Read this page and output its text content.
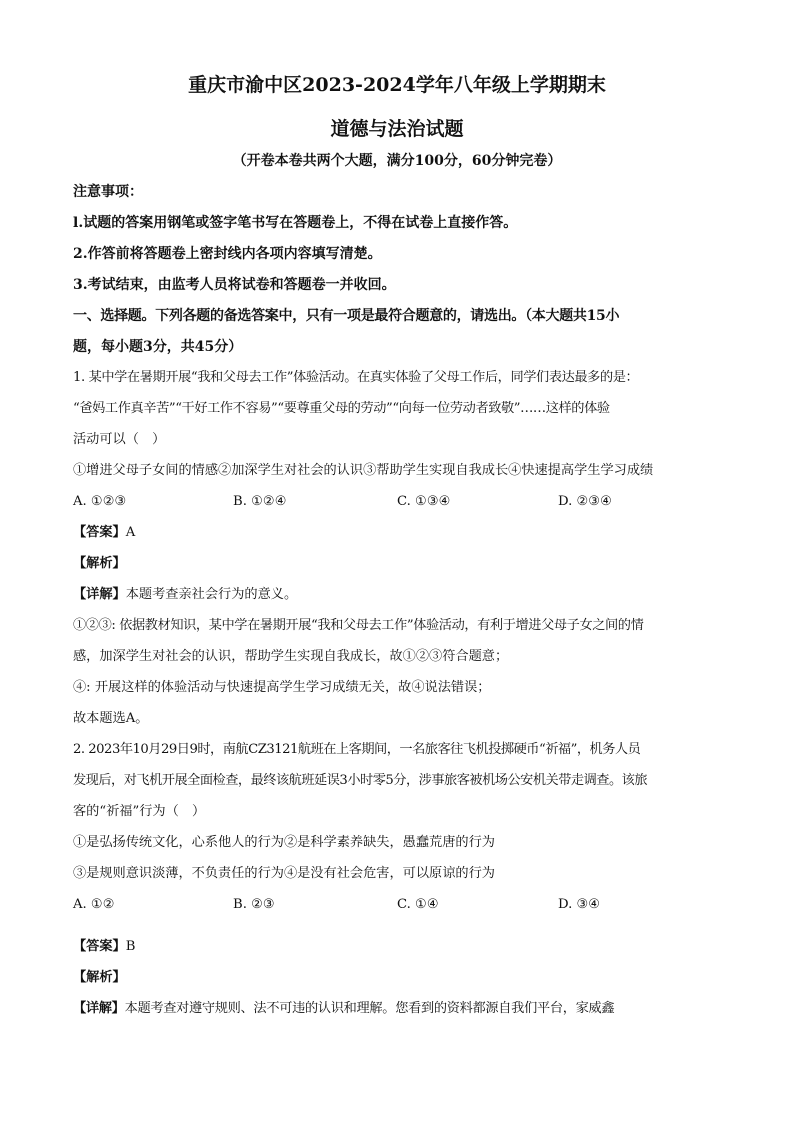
重庆市渝中区2023-2024学年八年级上学期期末
道德与法治试题
（开卷本卷共两个大题，满分100分，60分钟完卷）
注意事项：
l.试题的答案用钢笔或签字笔书写在答题卷上，不得在试卷上直接作答。
2.作答前将答题卷上密封线内各项内容填写清楚。
3.考试结束，由监考人员将试卷和答题卷一并收回。
一、选择题。下列各题的备选答案中，只有一项是最符合题意的，请选出。（本大题共15小
题，每小题3分，共45分）
1. 某中学在暑期开展“我和父母去工作”体验活动。在真实体验了父母工作后，同学们表达最多的是：
“爸妈工作真辛苦”“干好工作不容易”“要尊重父母的劳动”“向每一位劳动者致敬”……这样的体验
活动可以（　）
①增进父母子女间的情感②加深学生对社会的认识③帮助学生实现自我成长④快速提高学生学习成绩
A. ①②③	B. ①②④	C. ①③④	D. ②③④
【答案】A
【解析】
【详解】本题考查亲社会行为的意义。
①②③: 依据教材知识，某中学在暑期开展“我和父母去工作”体验活动，有利于增进父母子女之间的情
感，加深学生对社会的认识，帮助学生实现自我成长，故①②③符合题意；
④: 开展这样的体验活动与快速提高学生学习成绩无关，故④说法错误；
故本题选A。
2. 2023年10月29日9时，南航CZ3121航班在上客期间，一名旅客往飞机投掷硬币“祈福”，机务人员
发现后，对飞机开展全面检查，最终该航班延误3小时零5分，涉事旅客被机场公安机关带走调查。该旅
客的“祈福”行为（　）
①是弘扬传统文化，心系他人的行为②是科学素养缺失，愚蠢荒唐的行为
③是规则意识淡薄，不负责任的行为④是没有社会危害，可以原谅的行为
A. ①②	B. ②③	C. ①④	D. ③④
【答案】B
【解析】
【详解】本题考查对遵守规则、法不可违的认识和理解。您看到的资料都源自我们平台，家威鑫
